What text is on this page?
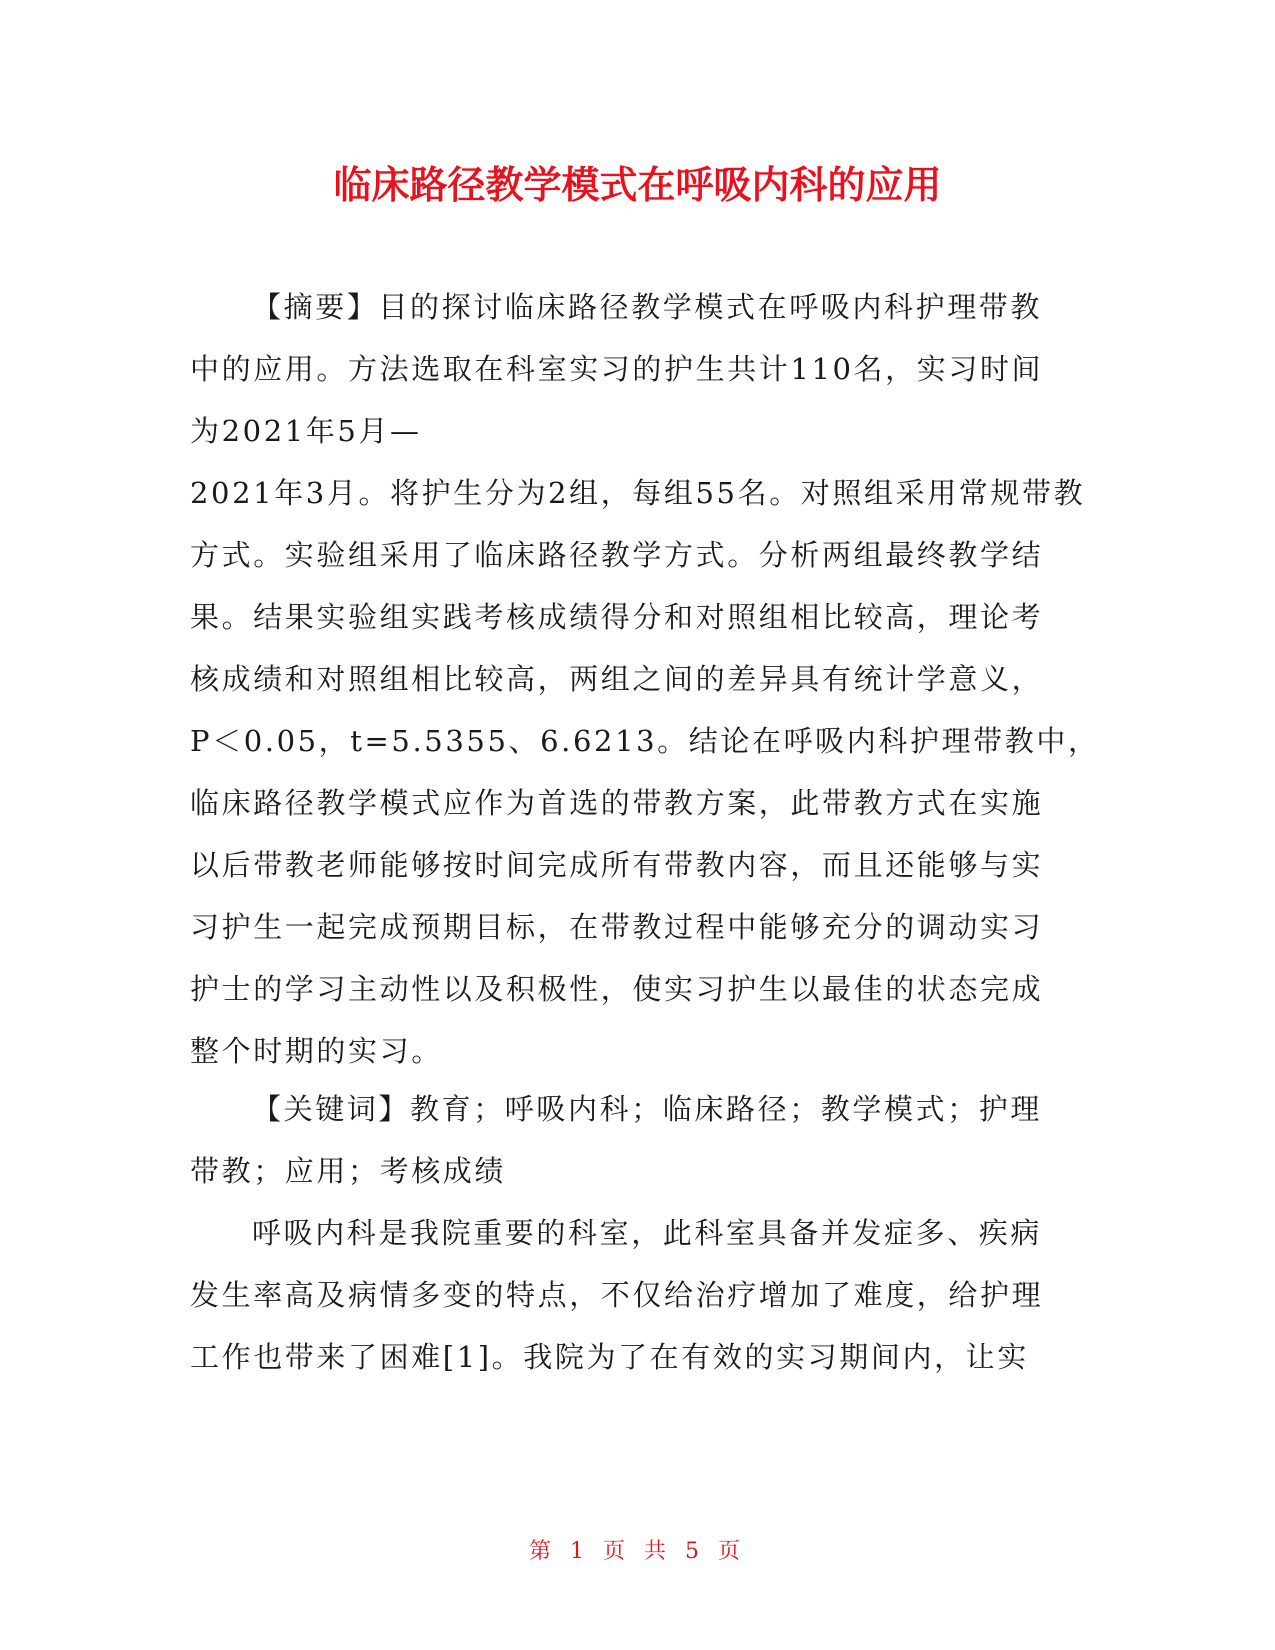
临床路径教学模式在呼吸内科的应用
【摘要】目的探讨临床路径教学模式在呼吸内科护理带教
中的应用。方法选取在科室实习的护生共计110名，实习时间
为2021年5月—
2021年3月。将护生分为2组，每组55名。对照组采用常规带教
方式。实验组采用了临床路径教学方式。分析两组最终教学结
果。结果实验组实践考核成绩得分和对照组相比较高，理论考
核成绩和对照组相比较高，两组之间的差异具有统计学意义，
P＜0.05，t=5.5355、6.6213。结论在呼吸内科护理带教中，
临床路径教学模式应作为首选的带教方案，此带教方式在实施
以后带教老师能够按时间完成所有带教内容，而且还能够与实
习护生一起完成预期目标，在带教过程中能够充分的调动实习
护士的学习主动性以及积极性，使实习护生以最佳的状态完成
整个时期的实习。
【关键词】教育；呼吸内科；临床路径；教学模式；护理
带教；应用；考核成绩
呼吸内科是我院重要的科室，此科室具备并发症多、疾病
发生率高及病情多变的特点，不仅给治疗增加了难度，给护理
工作也带来了困难[1]。我院为了在有效的实习期间内，让实
第 1 页 共 5 页
